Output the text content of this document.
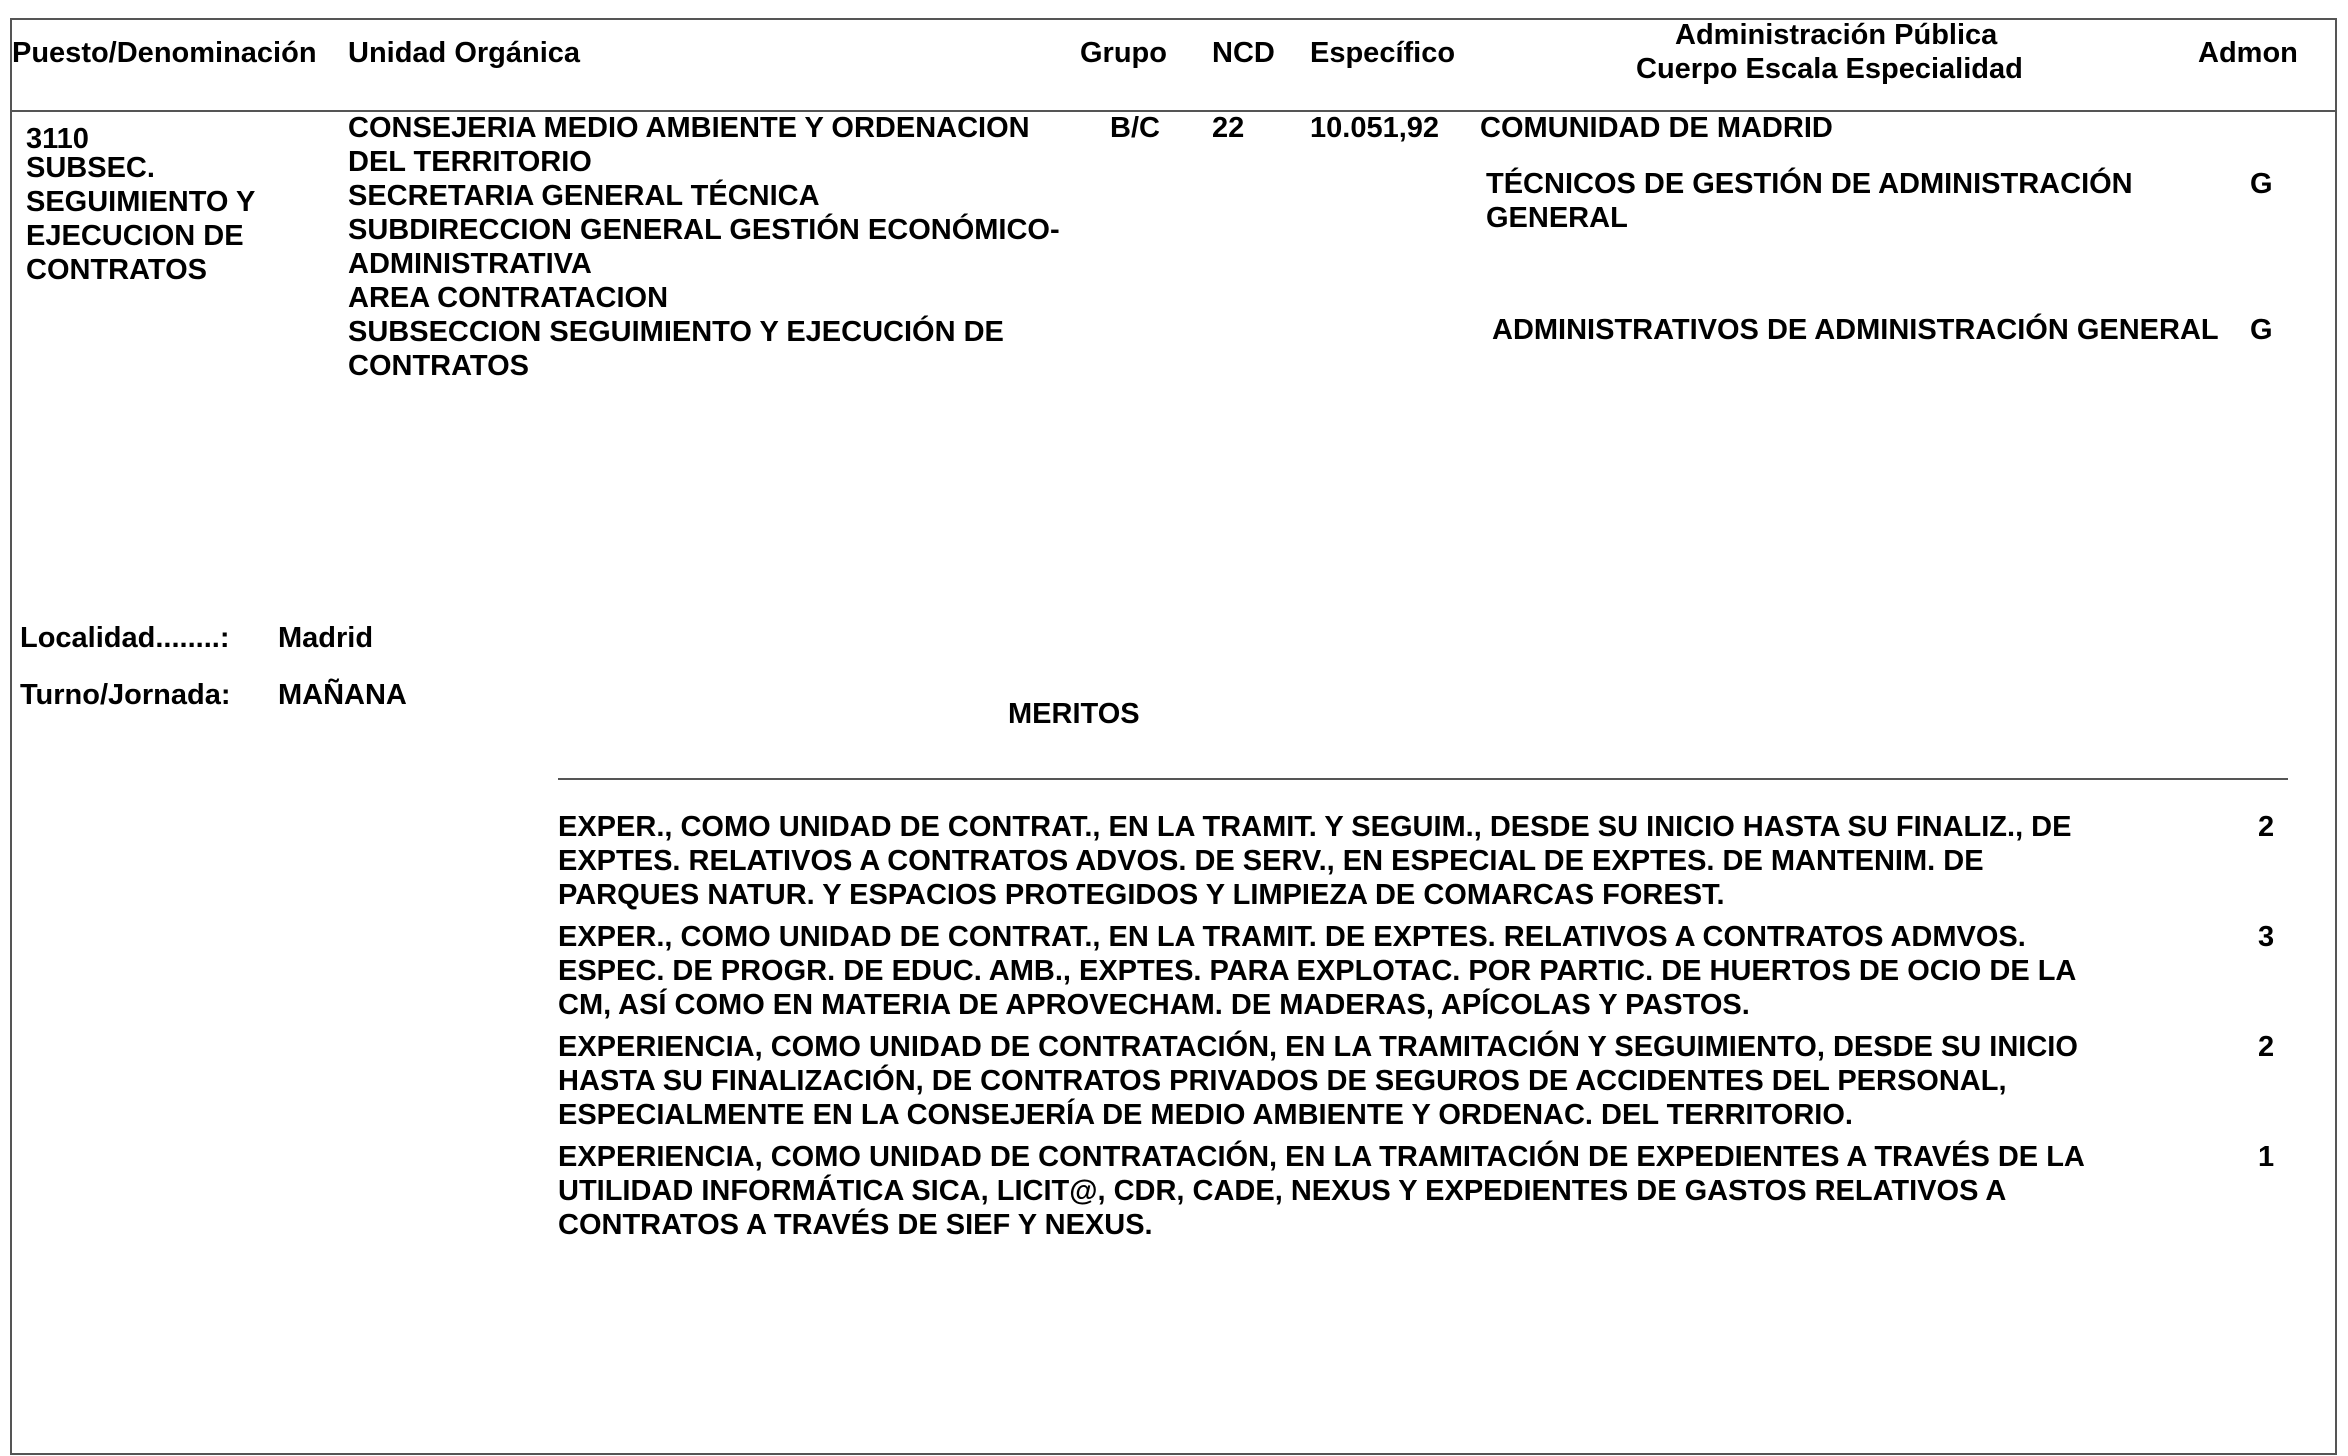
Puesto/Denominación Unidad Orgánica	Grupo NCD Específico
Administración Pública
Cuerpo Escala Especialidad	Admon
3110
SUBSEC.
SEGUIMIENTO Y
EJECUCION DE
CONTRATOS
CONSEJERIA MEDIO AMBIENTE Y ORDENACION
DEL TERRITORIO
SECRETARIA GENERAL TÉCNICA
SUBDIRECCION GENERAL GESTIÓN ECONÓMICO-
ADMINISTRATIVA
AREA CONTRATACION
SUBSECCION SEGUIMIENTO Y EJECUCIÓN DE
CONTRATOS
B/C 22 10.051,92 COMUNIDAD DE MADRID
TÉCNICOS DE GESTIÓN DE ADMINISTRACIÓN
GENERAL
G
ADMINISTRATIVOS DE ADMINISTRACIÓN GENERAL G
Localidad........: Madrid
Turno/Jornada: MAÑANA
MERITOS
EXPER., COMO UNIDAD DE CONTRAT., EN LA TRAMIT. Y SEGUIM., DESDE SU INICIO HASTA SU FINALIZ., DE
EXPTES. RELATIVOS A CONTRATOS ADVOS. DE SERV., EN ESPECIAL DE EXPTES. DE MANTENIM. DE
PARQUES NATUR. Y ESPACIOS PROTEGIDOS Y LIMPIEZA DE COMARCAS FOREST.
2
EXPER., COMO UNIDAD DE CONTRAT., EN LA TRAMIT. DE EXPTES. RELATIVOS A CONTRATOS ADMVOS.
ESPEC. DE PROGR. DE EDUC. AMB., EXPTES. PARA EXPLOTAC. POR PARTIC. DE HUERTOS DE OCIO DE LA
CM, ASÍ COMO EN MATERIA DE APROVECHAM. DE MADERAS, APÍCOLAS Y PASTOS.
3
EXPERIENCIA, COMO UNIDAD DE CONTRATACIÓN, EN LA TRAMITACIÓN Y SEGUIMIENTO, DESDE SU INICIO
HASTA SU FINALIZACIÓN, DE CONTRATOS PRIVADOS DE SEGUROS DE ACCIDENTES DEL PERSONAL,
ESPECIALMENTE EN LA CONSEJERÍA DE MEDIO AMBIENTE Y ORDENAC. DEL TERRITORIO.
2
EXPERIENCIA, COMO UNIDAD DE CONTRATACIÓN, EN LA TRAMITACIÓN DE EXPEDIENTES A TRAVÉS DE LA
UTILIDAD INFORMÁTICA SICA, LICIT@, CDR, CADE, NEXUS Y EXPEDIENTES DE GASTOS RELATIVOS A
CONTRATOS A TRAVÉS DE SIEF Y NEXUS.
1
